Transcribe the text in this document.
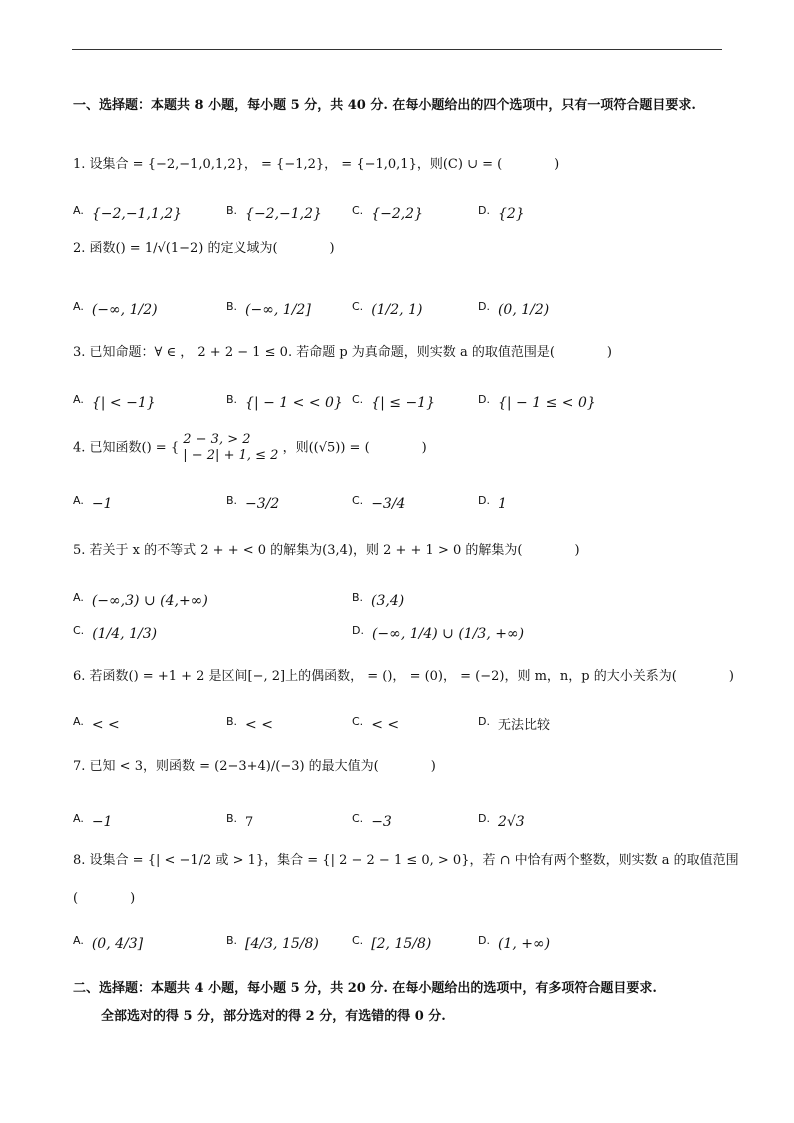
一、选择题：本题共 8 小题，每小题 5 分，共 40 分. 在每小题给出的四个选项中，只有一项符合题目要求.
1. 设集合 = {−2,−1,0,1,2}， = {−1,2}， = {−1,0,1}，则(C) ∪ = (　　　　)
$^{A.}$ {−2,−1,1,2}	$^{B.}$ {−2,−1,2}	$^{C.}$ {−2,2}	$^{D.}$ {2}
2. 函数() = 1/√(1−2) 的定义域为(　　　　)
$^{A.}$ (−∞, 1/2)	$^{B.}$ (−∞, 1/2]	$^{C.}$ (1/2, 1)	$^{D.}$ (0, 1/2)
3. 已知命题：∀ ∈ ， 2 + 2 − 1 ≤ 0. 若命题 p 为真命题，则实数 a 的取值范围是(　　　　)
$^{A.}$ {| < −1}	$^{B.}$ {| − 1 < < 0} $^{C.}$ {| ≤ −1}	$^{D.}$ {| − 1 ≤ < 0}
4. 已知函数() = {
2 − 3, > 2
| − 2| + 1, ≤ 2 ，则((√5)) = (　　　　)
$^{A.}$ −1	$^{B.}$ −3/2	$^{C.}$ −3/4	$^{D.}$ 1
5. 若关于 x 的不等式 2 + + < 0 的解集为(3,4)，则 2 + + 1 > 0 的解集为(　　　　)
$^{A.}$ (−∞,3) ∪ (4,+∞)	$^{B.}$ (3,4)
$^{C.}$ (1/4, 1/3)	$^{D.}$ (−∞, 1/4) ∪ (1/3, +∞)
6. 若函数() = +1 + 2 是区间[−, 2]上的偶函数， = ()， = (0)， = (−2)，则 m，n，p 的大小关系为(　　　　)
$^{A.}$ < <	$^{B.}$ < <	$^{C.}$ < <	$^{D.}$ 无法比较
7. 已知 < 3，则函数 = (2−3+4)/(−3) 的最大值为(　　　　)
$^{A.}$ −1	$^{B.}$ 7	$^{C.}$ −3	$^{D.}$ 2√3
8. 设集合 = {| < −1/2 或 > 1}，集合 = {| 2 − 2 − 1 ≤ 0, > 0}，若 ∩ 中恰有两个整数，则实数 a 的取值范围
(　　　　)
$^{A.}$ (0, 4/3]	$^{B.}$ [4/3, 15/8)	$^{C.}$ [2, 15/8)	$^{D.}$ (1, +∞)
二、选择题：本题共 4 小题，每小题 5 分，共 20 分. 在每小题给出的选项中，有多项符合题目要求.
全部选对的得 5 分，部分选对的得 2 分，有选错的得 0 分.
